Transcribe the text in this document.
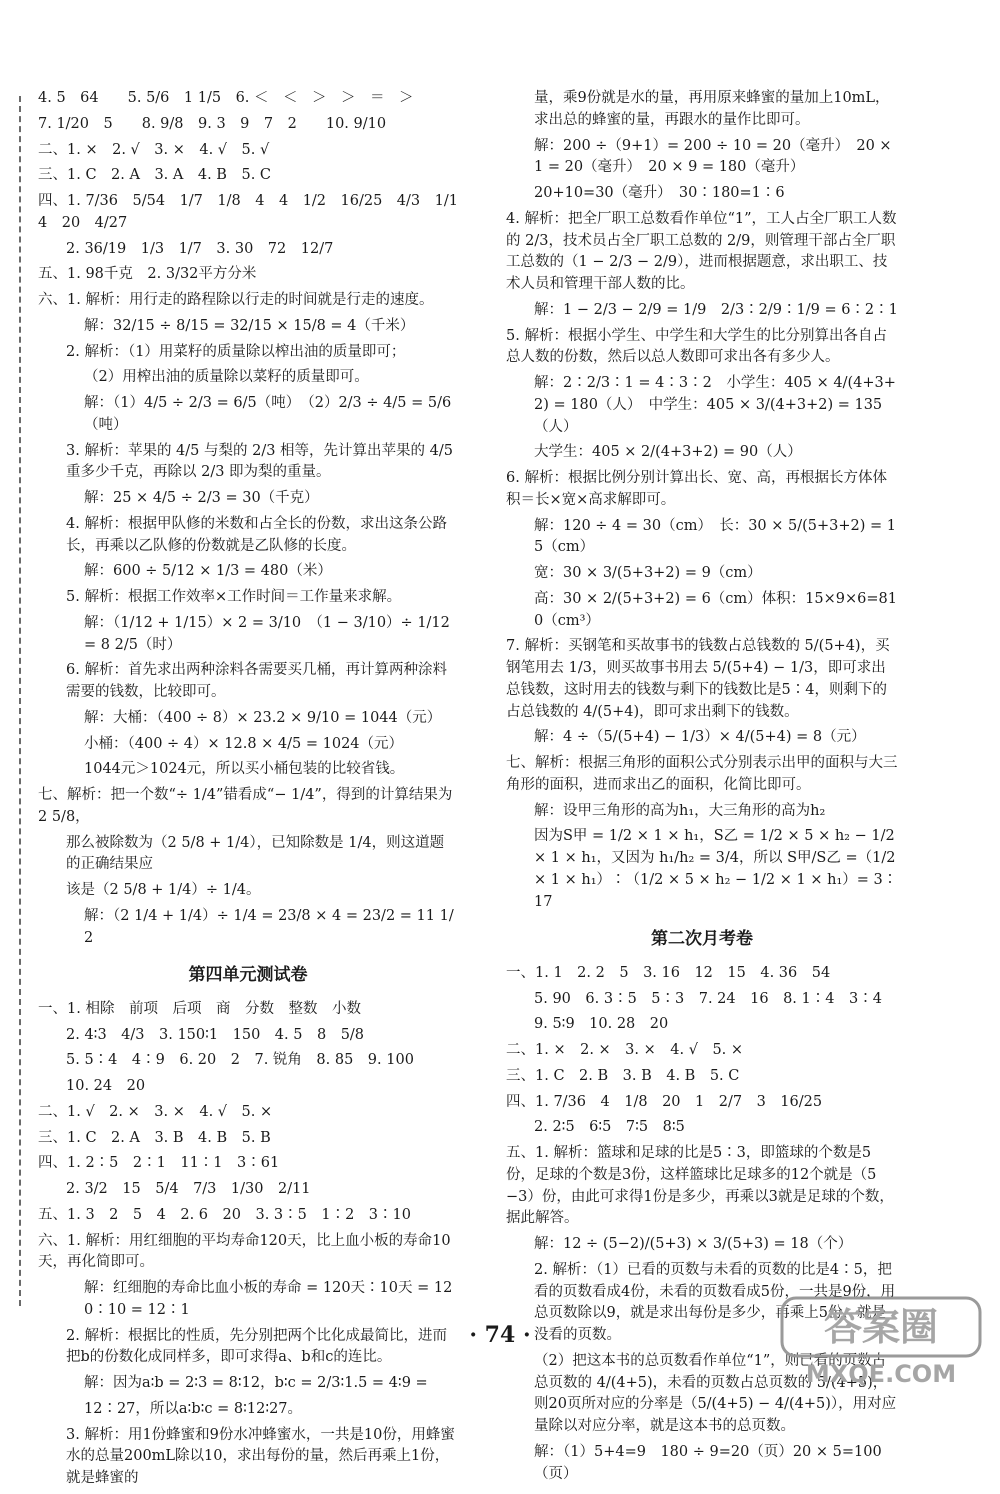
4. 5　64　　5. 5/6　1 1/5　6. ＜　＜　＞　＞　＝　＞
7. 1/20　5　　8. 9/8　9. 3　9　7　2　　10. 9/10
二、1. ×　2. √　3. ×　4. √　5. √
三、1. C　2. A　3. A　4. B　5. C
四、1. 7/36　5/54　1/7　1/8　4　4　1/2　16/25　4/3　1/14　20　4/27
2. 36/19　1/3　1/7　3. 30　72　12/7
五、1. 98千克　2. 3/32平方分米
六、1. 解析：用行走的路程除以行走的时间就是行走的速度。
解：32/15 ÷ 8/15 = 32/15 × 15/8 = 4（千米）
2. 解析：（1）用菜籽的质量除以榨出油的质量即可；
（2）用榨出油的质量除以菜籽的质量即可。
解：（1）4/5 ÷ 2/3 = 6/5（吨）　（2）2/3 ÷ 4/5 = 5/6（吨）
3. 解析：苹果的 4/5 与梨的 2/3 相等，先计算出苹果的 4/5 重多少千克，再除以 2/3 即为梨的重量。
解：25 × 4/5 ÷ 2/3 = 30（千克）
4. 解析：根据甲队修的米数和占全长的份数，求出这条公路长，再乘以乙队修的份数就是乙队修的长度。
解：600 ÷ 5/12 × 1/3 = 480（米）
5. 解析：根据工作效率×工作时间＝工作量来求解。
解：（1/12 + 1/15）× 2 = 3/10　（1 − 3/10）÷ 1/12 = 8 2/5（时）
6. 解析：首先求出两种涂料各需要买几桶，再计算两种涂料需要的钱数，比较即可。
解：大桶：（400 ÷ 8）× 23.2 × 9/10 = 1044（元）
小桶：（400 ÷ 4）× 12.8 × 4/5 = 1024（元）
1044元＞1024元，所以买小桶包装的比较省钱。
七、解析：把一个数“÷ 1/4”错看成“− 1/4”，得到的计算结果为 2 5/8，
那么被除数为（2 5/8 + 1/4），已知除数是 1/4，则这道题的正确结果应
该是（2 5/8 + 1/4）÷ 1/4。
解：（2 1/4 + 1/4）÷ 1/4 = 23/8 × 4 = 23/2 = 11 1/2
第四单元测试卷
一、1. 相除　前项　后项　商　分数　整数　小数
2. 4∶3　4/3　3. 150∶1　150　4. 5　8　5/8
5. 5∶4　4∶9　6. 20　2　7. 锐角　8. 85　9. 100
10. 24　20
二、1. √　2. ×　3. ×　4. √　5. ×
三、1. C　2. A　3. B　4. B　5. B
四、1. 2∶5　2∶1　11∶1　3∶61
2. 3/2　15　5/4　7/3　1/30　2/11
五、1. 3　2　5　4　2. 6　20　3. 3∶5　1∶2　3∶10
六、1. 解析：用红细胞的平均寿命120天，比上血小板的寿命10天，再化简即可。
解：红细胞的寿命比血小板的寿命 = 120天∶10天 = 120∶10 = 12∶1
2. 解析：根据比的性质，先分别把两个比化成最简比，进而把b的份数化成同样多，即可求得a、b和c的连比。
解：因为a∶b = 2∶3 = 8∶12，b∶c = 2/3∶1.5 = 4∶9 =
12∶27，所以a∶b∶c = 8∶12∶27。
3. 解析：用1份蜂蜜和9份水冲蜂蜜水，一共是10份，用蜂蜜水的总量200mL除以10，求出每份的量，然后再乘上1份，就是蜂蜜的
量，乘9份就是水的量，再用原来蜂蜜的量加上10mL，求出总的蜂蜜的量，再跟水的量作比即可。
解：200 ÷（9+1）= 200 ÷ 10 = 20（毫升）　20 × 1 = 20（毫升）　20 × 9 = 180（毫升）
20+10=30（毫升）　30∶180=1∶6
4. 解析：把全厂职工总数看作单位“1”，工人占全厂职工人数的 2/3，技术员占全厂职工总数的 2/9，则管理干部占全厂职工总数的（1 − 2/3 − 2/9），进而根据题意，求出职工、技术人员和管理干部人数的比。
解：1 − 2/3 − 2/9 = 1/9　2/3∶2/9∶1/9 = 6∶2∶1
5. 解析：根据小学生、中学生和大学生的比分别算出各自占总人数的份数，然后以总人数即可求出各有多少人。
解：2∶2/3∶1 = 4∶3∶2　小学生：405 × 4/(4+3+2) = 180（人）　中学生：405 × 3/(4+3+2) = 135（人）
大学生：405 × 2/(4+3+2) = 90（人）
6. 解析：根据比例分别计算出长、宽、高，再根据长方体体积＝长×宽×高求解即可。
解：120 ÷ 4 = 30（cm）　长：30 × 5/(5+3+2) = 15（cm）
宽：30 × 3/(5+3+2) = 9（cm）
高：30 × 2/(5+3+2) = 6（cm）体积：15×9×6=810（cm³）
7. 解析：买钢笔和买故事书的钱数占总钱数的 5/(5+4)，买钢笔用去 1/3，则买故事书用去 5/(5+4) − 1/3，即可求出总钱数，这时用去的钱数与剩下的钱数比是5∶4，则剩下的占总钱数的 4/(5+4)，即可求出剩下的钱数。
解：4 ÷（5/(5+4) − 1/3）× 4/(5+4) = 8（元）
七、解析：根据三角形的面积公式分别表示出甲的面积与大三角形的面积，进而求出乙的面积，化简比即可。
解：设甲三角形的高为h₁，大三角形的高为h₂
因为S甲 = 1/2 × 1 × h₁，S乙 = 1/2 × 5 × h₂ − 1/2 × 1 × h₁，又因为 h₁/h₂ = 3/4，所以 S甲/S乙 =（1/2 × 1 × h₁）∶（1/2 × 5 × h₂ − 1/2 × 1 × h₁）= 3∶17
第二次月考卷
一、1. 1　2. 2　5　3. 16　12　15　4. 36　54
5. 90　6. 3∶5　5∶3　7. 24　16　8. 1∶4　3∶4
9. 5∶9　10. 28　20
二、1. ×　2. ×　3. ×　4. √　5. ×
三、1. C　2. B　3. B　4. B　5. C
四、1. 7/36　4　1/8　20　1　2/7　3　16/25
2. 2∶5　6∶5　7∶5　8∶5
五、1. 解析：篮球和足球的比是5∶3，即篮球的个数是5份，足球的个数是3份，这样篮球比足球多的12个就是（5−3）份，由此可求得1份是多少，再乘以3就是足球的个数，据此解答。
解：12 ÷ (5−2)/(5+3) × 3/(5+3) = 18（个）
2. 解析：（1）已看的页数与未看的页数的比是4∶5，把看的页数看成4份，未看的页数看成5份，一共是9份，用总页数除以9，就是求出每份是多少，再乘上5份，就是没看的页数。
（2）把这本书的总页数看作单位“1”，则已看的页数占总页数的 4/(4+5)，未看的页数占总页数的 5/(4+5)，则20页所对应的分率是（5/(4+5) − 4/(4+5)），用对应量除以对应分率，就是这本书的总页数。
解：（1）5+4=9　180 ÷ 9=20（页）20 × 5=100（页）
· 74 ·	答案圈
MXQE.COM
